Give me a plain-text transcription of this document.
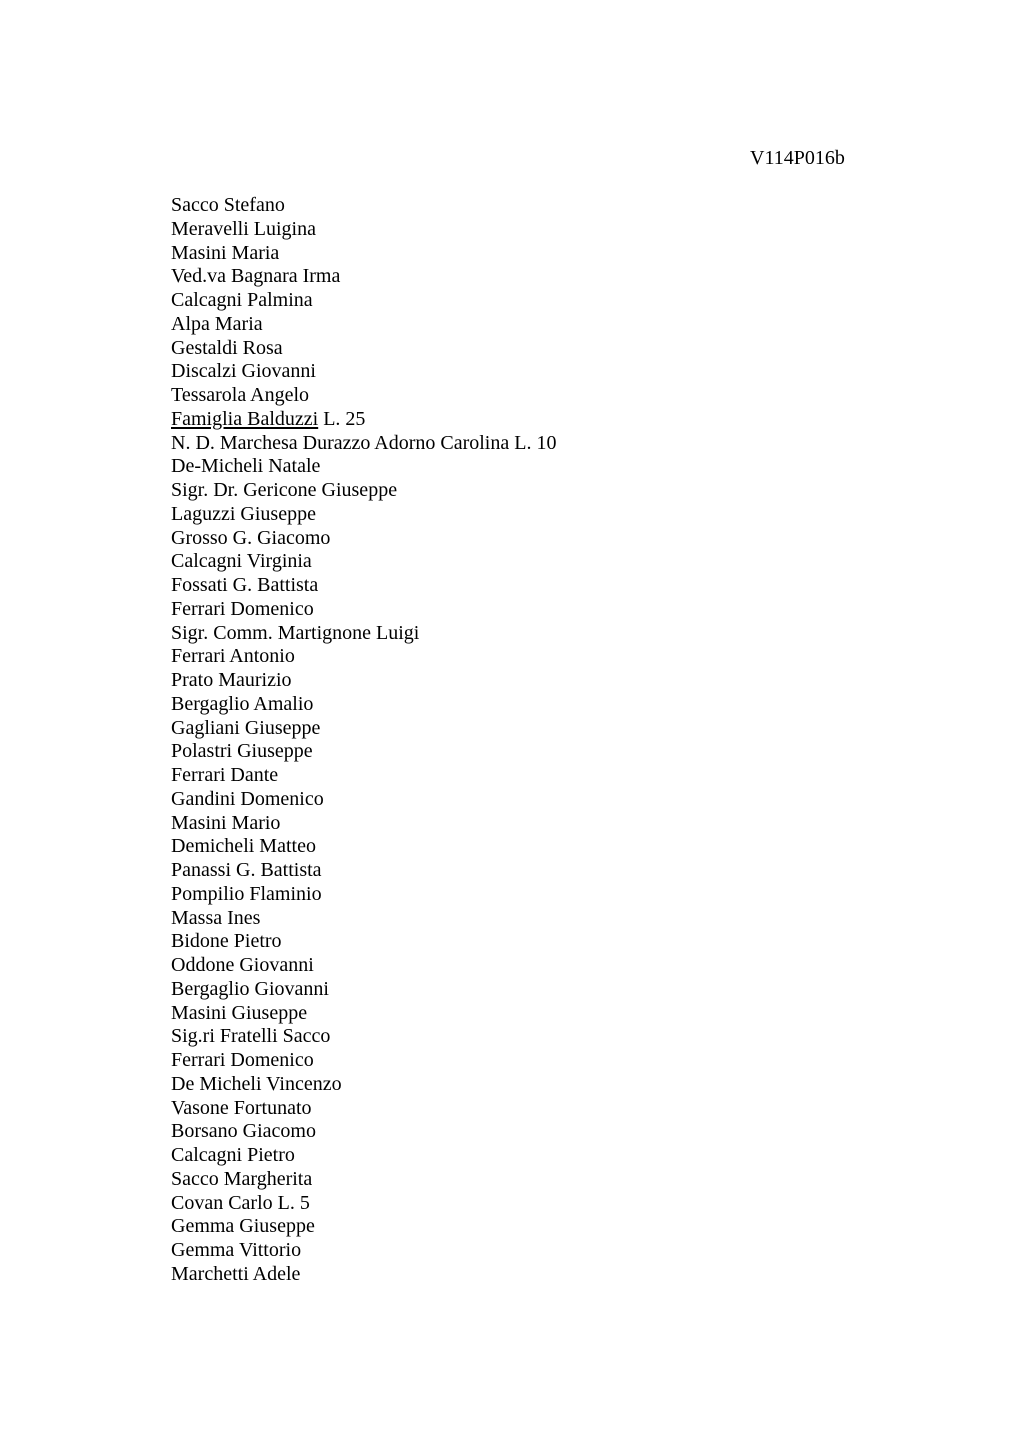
V114P016b
Sacco Stefano
Meravelli Luigina
Masini Maria
Ved.va Bagnara Irma
Calcagni Palmina
Alpa Maria
Gestaldi Rosa
Discalzi Giovanni
Tessarola Angelo
Famiglia Balduzzi L. 25
N. D. Marchesa Durazzo Adorno Carolina L. 10
De-Micheli Natale
Sigr. Dr. Gericone Giuseppe
Laguzzi Giuseppe
Grosso G. Giacomo
Calcagni Virginia
Fossati G. Battista
Ferrari Domenico
Sigr. Comm. Martignone Luigi
Ferrari Antonio
Prato Maurizio
Bergaglio Amalio
Gagliani Giuseppe
Polastri Giuseppe
Ferrari Dante
Gandini Domenico
Masini Mario
Demicheli Matteo
Panassi G. Battista
Pompilio Flaminio
Massa Ines
Bidone Pietro
Oddone Giovanni
Bergaglio Giovanni
Masini Giuseppe
Sig.ri Fratelli Sacco
Ferrari Domenico
De Micheli Vincenzo
Vasone Fortunato
Borsano Giacomo
Calcagni Pietro
Sacco Margherita
Covan Carlo L. 5
Gemma Giuseppe
Gemma Vittorio
Marchetti Adele
